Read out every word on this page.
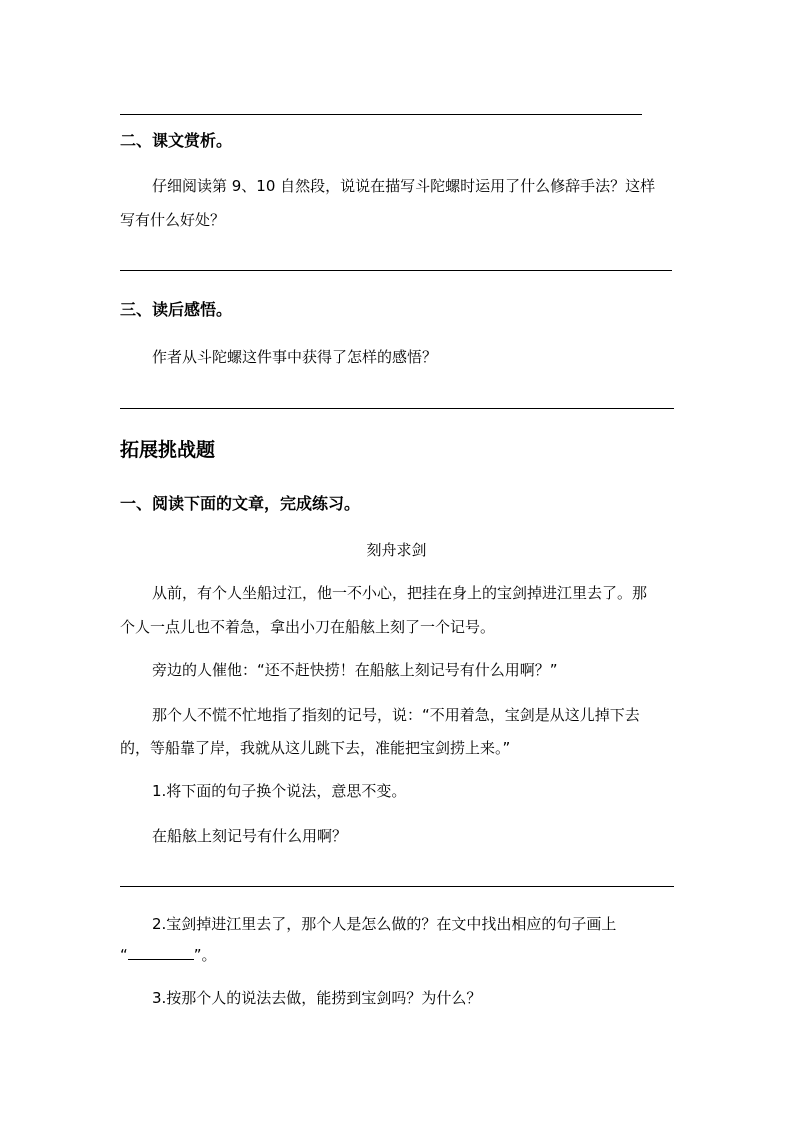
二、课文赏析。
仔细阅读第 9、10 自然段，说说在描写斗陀螺时运用了什么修辞手法？这样
写有什么好处？
三、读后感悟。
作者从斗陀螺这件事中获得了怎样的感悟？
拓展挑战题
一、阅读下面的文章，完成练习。
刻舟求剑
从前，有个人坐船过江，他一不小心，把挂在身上的宝剑掉进江里去了。那
个人一点儿也不着急，拿出小刀在船舷上刻了一个记号。
旁边的人催他：“还不赶快捞！在船舷上刻记号有什么用啊？”
那个人不慌不忙地指了指刻的记号，说：“不用着急，宝剑是从这儿掉下去
的，等船靠了岸，我就从这儿跳下去，准能把宝剑捞上来。”
1.将下面的句子换个说法，意思不变。
在船舷上刻记号有什么用啊？
2.宝剑掉进江里去了，那个人是怎么做的？在文中找出相应的句子画上
“	”。
3.按那个人的说法去做，能捞到宝剑吗？为什么？
